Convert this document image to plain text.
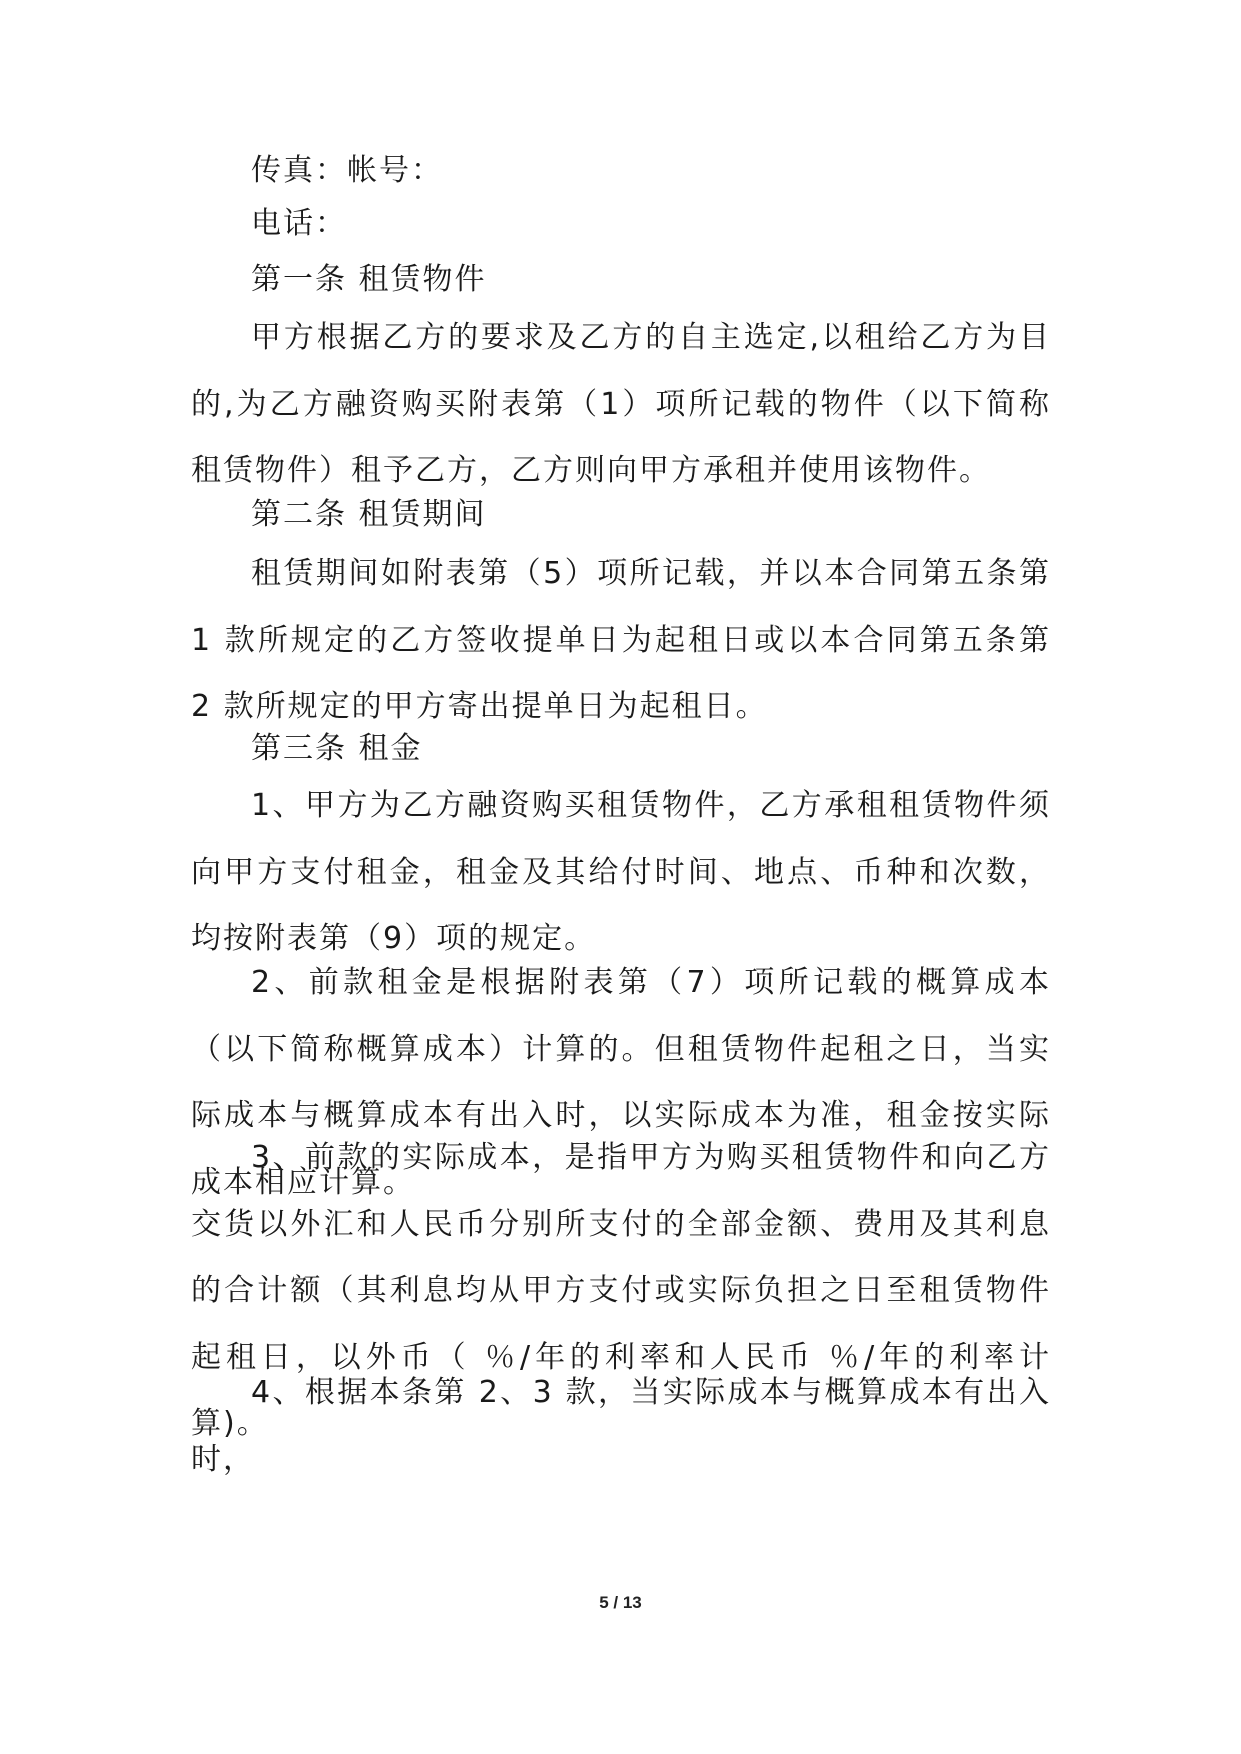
传真：帐号：

电话：

第一条 租赁物件

甲方根据乙方的要求及乙方的自主选定,以租给乙方为目的,为乙方融资购买附表第（1）项所记载的物件（以下简称租赁物件）租予乙方，乙方则向甲方承租并使用该物件。

第二条 租赁期间

租赁期间如附表第（5）项所记载，并以本合同第五条第 1 款所规定的乙方签收提单日为起租日或以本合同第五条第 2 款所规定的甲方寄出提单日为起租日。

第三条 租金

1、甲方为乙方融资购买租赁物件，乙方承租租赁物件须向甲方支付租金，租金及其给付时间、地点、币种和次数，均按附表第（9）项的规定。

2、前款租金是根据附表第（7）项所记载的概算成本（以下简称概算成本）计算的。但租赁物件起租之日，当实际成本与概算成本有出入时，以实际成本为准，租金按实际成本相应计算。

3、前款的实际成本，是指甲方为购买租赁物件和向乙方交货以外汇和人民币分别所支付的全部金额、费用及其利息的合计额（其利息均从甲方支付或实际负担之日至租赁物件起租日，以外币（ ％/年的利率和人民币 ％/年的利率计算)。

4、根据本条第 2、3 款，当实际成本与概算成本有出入时，

5 / 13
